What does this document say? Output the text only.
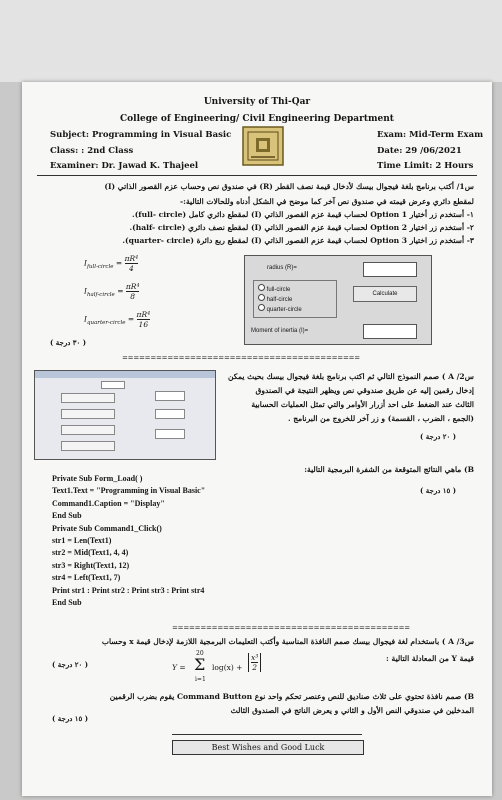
University of Thi-Qar
College of Engineering/ Civil Engineering Department
Subject: Programming in Visual Basic
Class: : 2nd Class
Examiner: Dr. Jawad K. Thajeel
Exam: Mid-Term Exam
Date: 29 /06/2021
Time Limit: 2 Hours
س1/ أكتب برنامج بلغة فيجوال بيسك لأدخال قيمة نصف القطر (R) في صندوق نص وحساب عزم القصور الذاتي (I)
لمقطع دائري وعرض قيمته في صندوق نص آخر كما موضح في الشكل أدناه وللحالات التالية:-
١- أستخدم زر أختيار Option 1 لحساب قيمة عزم القصور الذاتي (I) لمقطع دائري كامل (full- circle).
٢- أستخدم زر اختيار Option 2 لحساب قيمة عزم القصور الذاتي (I) لمقطع نصف دائري (half- circle).
٣- أستخدم زر اختيار Option 3 لحساب قيمة عزم القصور الذاتي (I) لمقطع ربع دائرة (quarter- circle).
$I_{full-circle} = \frac{\text{πR⁴}}{4}$
$I_{half-circle} = \frac{\text{πR⁴}}{8}$
$I_{quarter-circle} = \frac{\text{πR⁴}}{16}$
radius (R)=
full-circle
half-circle
quarter-circle
Calculate
Moment of inertia (I)=
( ٣٠ درجة )
==========================================
س2/ A ) صمم النموذج التالي ثم اكتب برنامج بلغة فيجوال بيسك بحيث يمكن
إدخال رقمين إليه عن طريق صندوقي نص ويظهر النتيجة في الصندوق
الثالث عند الضغط على احد أزرار الأوامر والتي تمثل العمليات الحسابية
(الجمع ، الضرب ، القسمة) و زر آخر للخروج من البرنامج .
( ٢٠ درجة )
B) ماهي النتائج المتوقعة من الشفرة البرمجية التالية:
( ١٥ درجة )
Private Sub Form_Load( )
Text1.Text = "Programming in Visual Basic"
Command1.Caption = "Display"
End Sub
Private Sub Command1_Click()
str1 = Len(Text1)
str2 = Mid(Text1, 4, 4)
str3 = Right(Text1, 12)
str4 = Left(Text1, 7)
Print str1 : Print str2 : Print str3 : Print str4
End Sub
==========================================
س3/ A ) باستخدام لغة فيجوال بيسك صمم النافذة المناسبة وأكتب التعليمات البرمجية اللازمة لإدخال قيمة x وحساب
قيمة Y من المعادلة التالية :
( ٢٠ درجة )	Y =
20
Σ
i=1
$\log(x) + \frac{\text{x³}}{2}$
B) صمم نافذة تحتوي على ثلاث صناديق للنص وعنصر تحكم واحد نوع Command Button يقوم بضرب الرقمين
المدخلين في صندوقي النص الأول و الثاني و يعرض الناتج في الصندوق الثالث
( ١٥ درجة )
Best Wishes and Good Luck
